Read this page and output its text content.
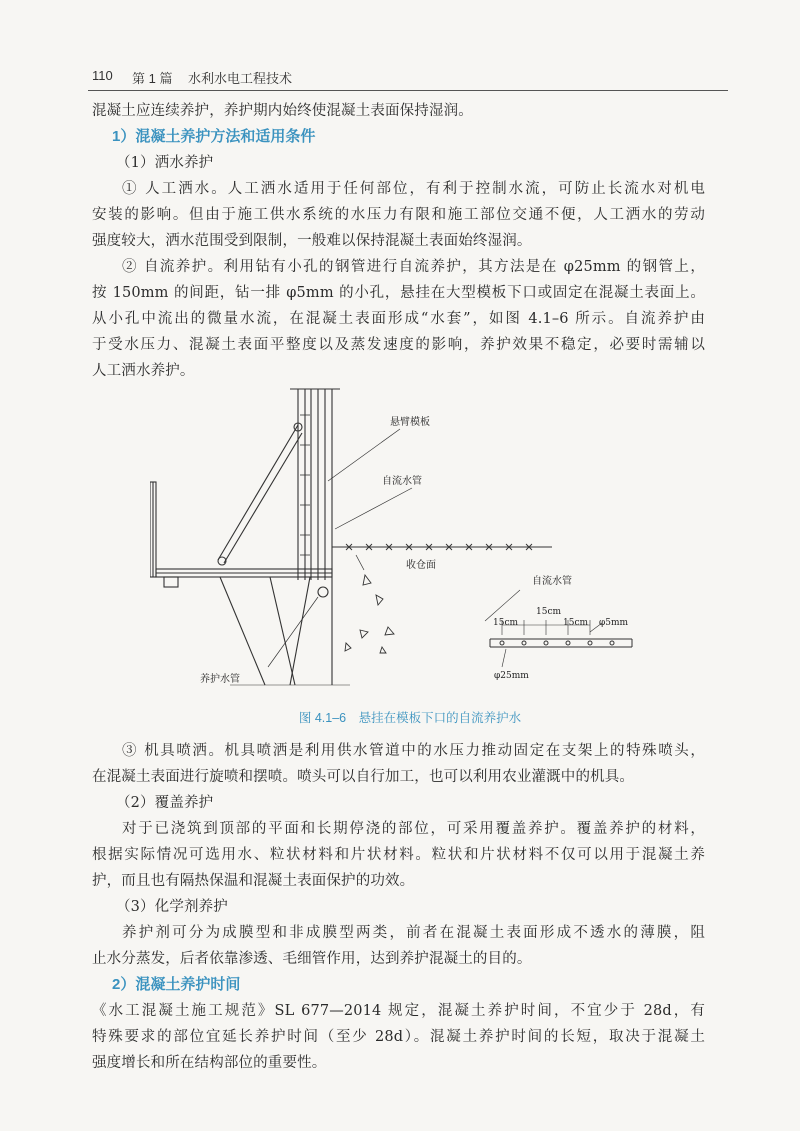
110 第 1 篇 水利水电工程技术
混凝土应连续养护，养护期内始终使混凝土表面保持湿润。
1）混凝土养护方法和适用条件
（1）洒水养护
① 人工洒水。人工洒水适用于任何部位，有利于控制水流，可防止长流水对机电
安装的影响。但由于施工供水系统的水压力有限和施工部位交通不便，人工洒水的劳动
强度较大，洒水范围受到限制，一般难以保持混凝土表面始终湿润。
② 自流养护。利用钻有小孔的钢管进行自流养护，其方法是在 φ25mm 的钢管上，
按 150mm 的间距，钻一排 φ5mm 的小孔，悬挂在大型模板下口或固定在混凝土表面上。
从小孔中流出的微量水流，在混凝土表面形成“水套”，如图 4.1–6 所示。自流养护由
于受水压力、混凝土表面平整度以及蒸发速度的影响，养护效果不稳定，必要时需辅以
人工洒水养护。
悬臂模板
自流水管
收仓面
养护水管
自流水管
15cm
15cm
15cm φ5mm
φ25mm
图 4.1–6　悬挂在模板下口的自流养护水
③ 机具喷洒。机具喷洒是利用供水管道中的水压力推动固定在支架上的特殊喷头，
在混凝土表面进行旋喷和摆喷。喷头可以自行加工，也可以利用农业灌溉中的机具。
（2）覆盖养护
对于已浇筑到顶部的平面和长期停浇的部位，可采用覆盖养护。覆盖养护的材料，
根据实际情况可选用水、粒状材料和片状材料。粒状和片状材料不仅可以用于混凝土养
护，而且也有隔热保温和混凝土表面保护的功效。
（3）化学剂养护
养护剂可分为成膜型和非成膜型两类，前者在混凝土表面形成不透水的薄膜，阻
止水分蒸发，后者依靠渗透、毛细管作用，达到养护混凝土的目的。
2）混凝土养护时间
《水工混凝土施工规范》SL 677—2014 规定，混凝土养护时间，不宜少于 28d，有
特殊要求的部位宜延长养护时间（至少 28d）。混凝土养护时间的长短，取决于混凝土
强度增长和所在结构部位的重要性。
